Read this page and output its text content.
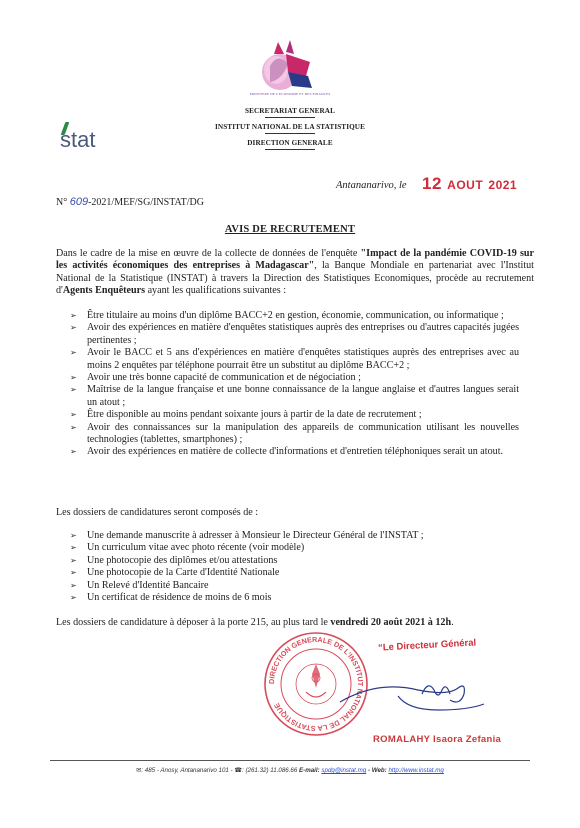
MINISTERE DE L'ECONOMIE ET DES FINANCES
SECRETARIAT GENERAL
INSTITUT NATIONAL DE LA STATISTIQUE
DIRECTION GENERALE
stat
Antananarivo, le 12 AOUT 2021
N° 609-2021/MEF/SG/INSTAT/DG
AVIS DE RECRUTEMENT
Dans le cadre de la mise en œuvre de la collecte de données de l'enquête "Impact de la pandémie COVID-19 sur les activités économiques des entreprises à Madagascar", la Banque Mondiale en partenariat avec l'Institut National de la Statistique (INSTAT) à travers la Direction des Statistiques Economiques, procède au recrutement d'Agents Enquêteurs ayant les qualifications suivantes :
➢ Être titulaire au moins d'un diplôme BACC+2 en gestion, économie, communication, ou informatique ;
➢ Avoir des expériences en matière d'enquêtes statistiques auprès des entreprises ou d'autres capacités jugées pertinentes ;
➢ Avoir le BACC et 5 ans d'expériences en matière d'enquêtes statistiques auprès des entreprises avec au moins 2 enquêtes par téléphone pourrait être un substitut au diplôme BACC+2 ;
➢ Avoir une très bonne capacité de communication et de négociation ;
➢ Maîtrise de la langue française et une bonne connaissance de la langue anglaise et d'autres langues serait un atout ;
➢ Être disponible au moins pendant soixante jours à partir de la date de recrutement ;
➢ Avoir des connaissances sur la manipulation des appareils de communication utilisant les nouvelles technologies (tablettes, smartphones) ;
➢ Avoir des expériences en matière de collecte d'informations et d'entretien téléphoniques serait un atout.
Les dossiers de candidatures seront composés de :
➢ Une demande manuscrite à adresser à Monsieur le Directeur Général de l'INSTAT ;
➢ Un curriculum vitae avec photo récente (voir modèle)
➢ Une photocopie des diplômes et/ou attestations
➢ Une photocopie de la Carte d'Identité Nationale
➢ Un Relevé d'Identité Bancaire
➢ Un certificat de résidence de moins de 6 mois
Les dossiers de candidature à déposer à la porte 215, au plus tard le vendredi 20 août 2021 à 12h.
DIRECTION GENERALE DE L'INSTITUT NATIONAL DE LA STATISTIQUE
“Le Directeur Général
ROMALAHY Isaora Zefania
✉: 485 - Anosy, Antananarivo 101 - ☎: (261.32) 11.086.66 E-mail: spdg@instat.mg - Web: http://www.instat.mg
